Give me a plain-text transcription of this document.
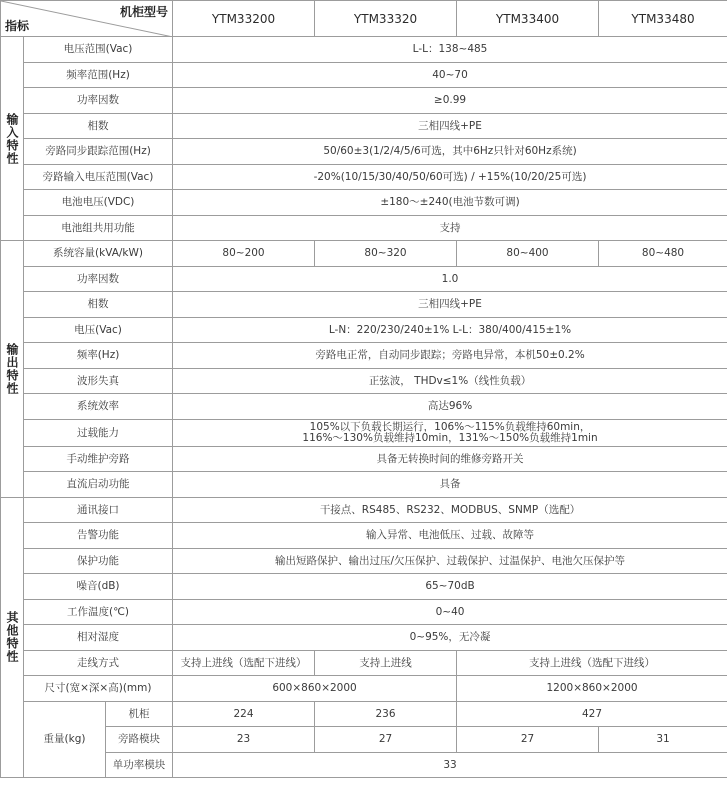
机柜型号
指标			YTM33200	YTM33320	YTM33400	YTM33480
输入特性	电压范围(Vac)		L-L：138~485			
	频率范围(Hz)		40~70			
	功率因数		≥0.99			
	相数		三相四线+PE			
	旁路同步跟踪范围(Hz)		50/60±3(1/2/4/5/6可选，其中6Hz只针对60Hz系统)			
	旁路输入电压范围(Vac)		-20%(10/15/30/40/50/60可选) / +15%(10/20/25可选)			
	电池电压(VDC)		±180～±240(电池节数可调)			
	电池组共用功能		支持			
输出特性	系统容量(kVA/kW)		80~200	80~320	80~400	80~480
	功率因数		1.0			
	相数		三相四线+PE			
	电压(Vac)		L-N：220/230/240±1% L-L：380/400/415±1%			
	频率(Hz)		旁路电正常，自动同步跟踪；旁路电异常，本机50±0.2%			
	波形失真		正弦波， THDv≤1%（线性负载）			
	系统效率		高达96%			
	过载能力		105%以下负载长期运行，106%～115%负载维持60min，
116%～130%负载维持10min，131%～150%负载维持1min			

	手动维护旁路		具备无转换时间的维修旁路开关			
	直流启动功能		具备			
其他特性	通讯接口		干接点、RS485、RS232、MODBUS、SNMP（选配）			
	告警功能		输入异常、电池低压、过载、故障等			
	保护功能		输出短路保护、输出过压/欠压保护、过载保护、过温保护、电池欠压保护等			
	噪音(dB)		65~70dB			
	工作温度(℃)		0~40			
	相对湿度		0~95%，无冷凝			
	走线方式		支持上进线（选配下进线）	支持上进线	支持上进线（选配下进线）	
	尺寸(宽×深×高)(mm)		600×860×2000		1200×860×2000	
	重量(kg)	机柜	224	236	427	
		旁路模块	23	27	27	31
		单功率模块	33			
